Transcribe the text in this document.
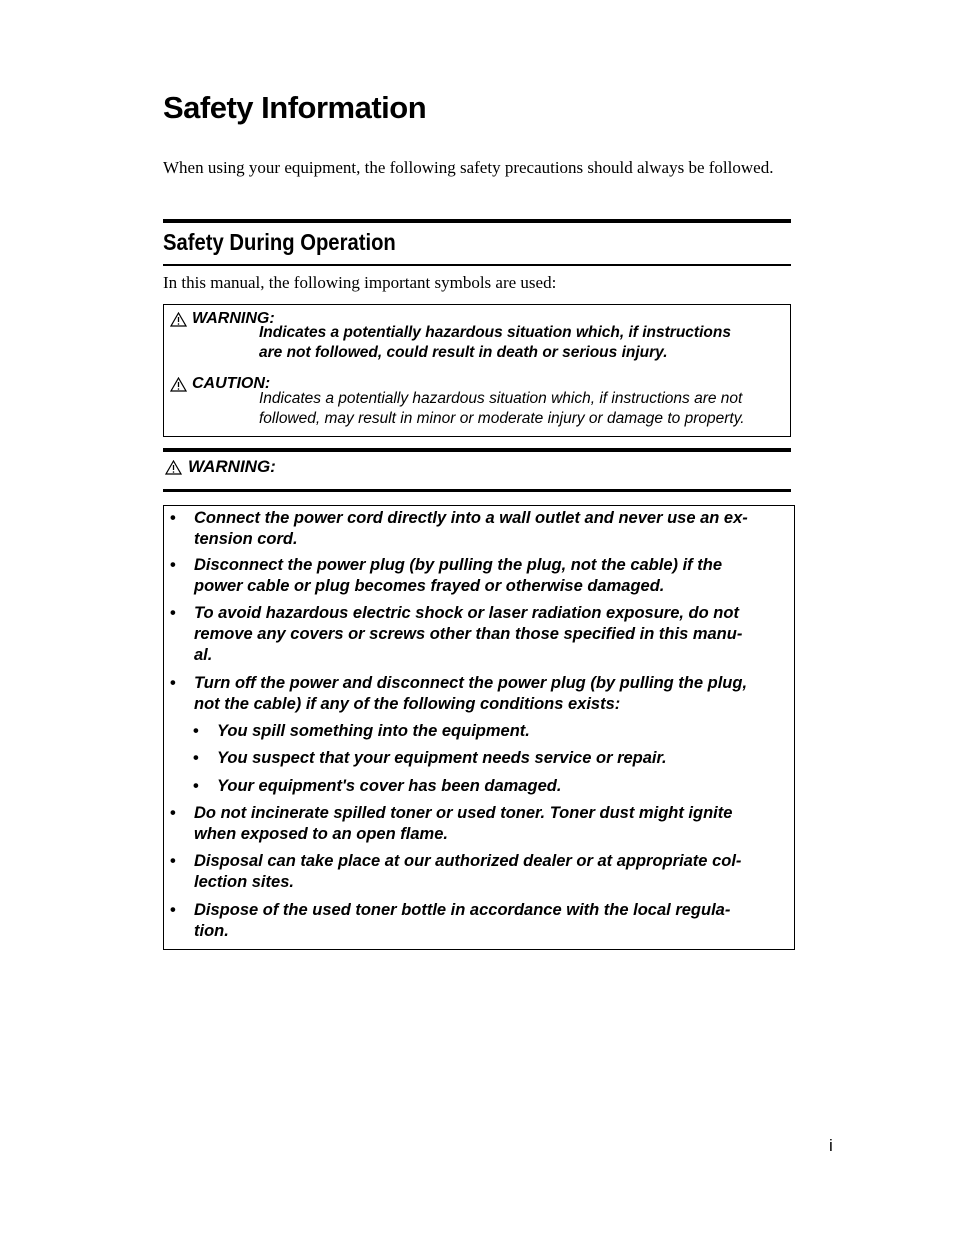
Safety Information

When using your equipment, the following safety precautions should always be followed.

Safety During Operation

In this manual, the following important symbols are used:

WARNING:
Indicates a potentially hazardous situation which, if instructions
are not followed, could result in death or serious injury.
CAUTION:
Indicates a potentially hazardous situation which, if instructions are not
followed, may result in minor or moderate injury or damage to property.
WARNING:
• Connect the power cord directly into a wall outlet and never use an ex-
tension cord.
• Disconnect the power plug (by pulling the plug, not the cable) if the
power cable or plug becomes frayed or otherwise damaged.
• To avoid hazardous electric shock or laser radiation exposure, do not
remove any covers or screws other than those specified in this manu-
al.
• Turn off the power and disconnect the power plug (by pulling the plug,
not the cable) if any of the following conditions exists:
• You spill something into the equipment.
• You suspect that your equipment needs service or repair.
• Your equipment's cover has been damaged.
• Do not incinerate spilled toner or used toner. Toner dust might ignite
when exposed to an open flame.
• Disposal can take place at our authorized dealer or at appropriate col-
lection sites.
• Dispose of the used toner bottle in accordance with the local regula-
tion.
i
